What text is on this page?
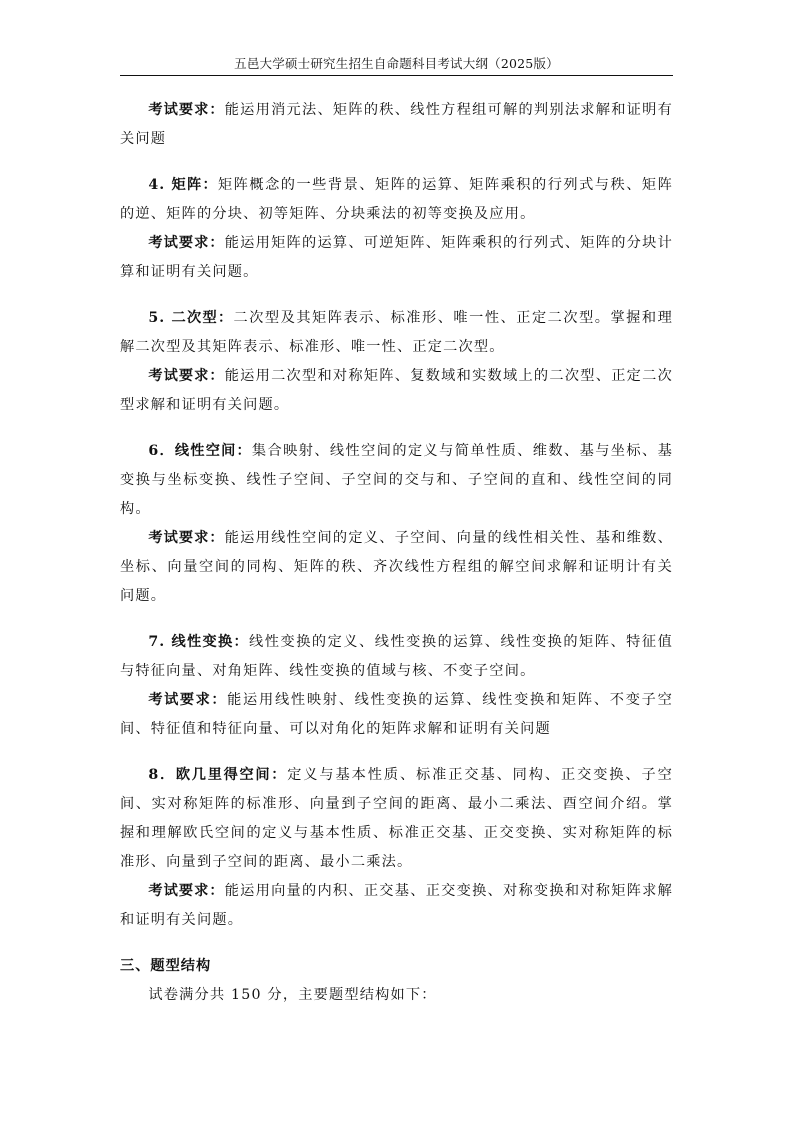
五邑大学硕士研究生招生自命题科目考试大纲（2025版）

考试要求：能运用消元法、矩阵的秩、线性方程组可解的判别法求解和证明有关问题

4. 矩阵：矩阵概念的一些背景、矩阵的运算、矩阵乘积的行列式与秩、矩阵的逆、矩阵的分块、初等矩阵、分块乘法的初等变换及应用。

考试要求：能运用矩阵的运算、可逆矩阵、矩阵乘积的行列式、矩阵的分块计算和证明有关问题。

5. 二次型：二次型及其矩阵表示、标准形、唯一性、正定二次型。掌握和理解二次型及其矩阵表示、标准形、唯一性、正定二次型。

考试要求：能运用二次型和对称矩阵、复数域和实数域上的二次型、正定二次型求解和证明有关问题。

6．线性空间：集合映射、线性空间的定义与简单性质、维数、基与坐标、基变换与坐标变换、线性子空间、子空间的交与和、子空间的直和、线性空间的同构。

考试要求：能运用线性空间的定义、子空间、向量的线性相关性、基和维数、坐标、向量空间的同构、矩阵的秩、齐次线性方程组的解空间求解和证明计有关问题。

7. 线性变换：线性变换的定义、线性变换的运算、线性变换的矩阵、特征值与特征向量、对角矩阵、线性变换的值域与核、不变子空间。

考试要求：能运用线性映射、线性变换的运算、线性变换和矩阵、不变子空间、特征值和特征向量、可以对角化的矩阵求解和证明有关问题

8．欧几里得空间：定义与基本性质、标准正交基、同构、正交变换、子空间、实对称矩阵的标准形、向量到子空间的距离、最小二乘法、酉空间介绍。掌握和理解欧氏空间的定义与基本性质、标准正交基、正交变换、实对称矩阵的标准形、向量到子空间的距离、最小二乘法。

考试要求：能运用向量的内积、正交基、正交变换、对称变换和对称矩阵求解和证明有关问题。

三、题型结构

试卷满分共 150 分，主要题型结构如下：
